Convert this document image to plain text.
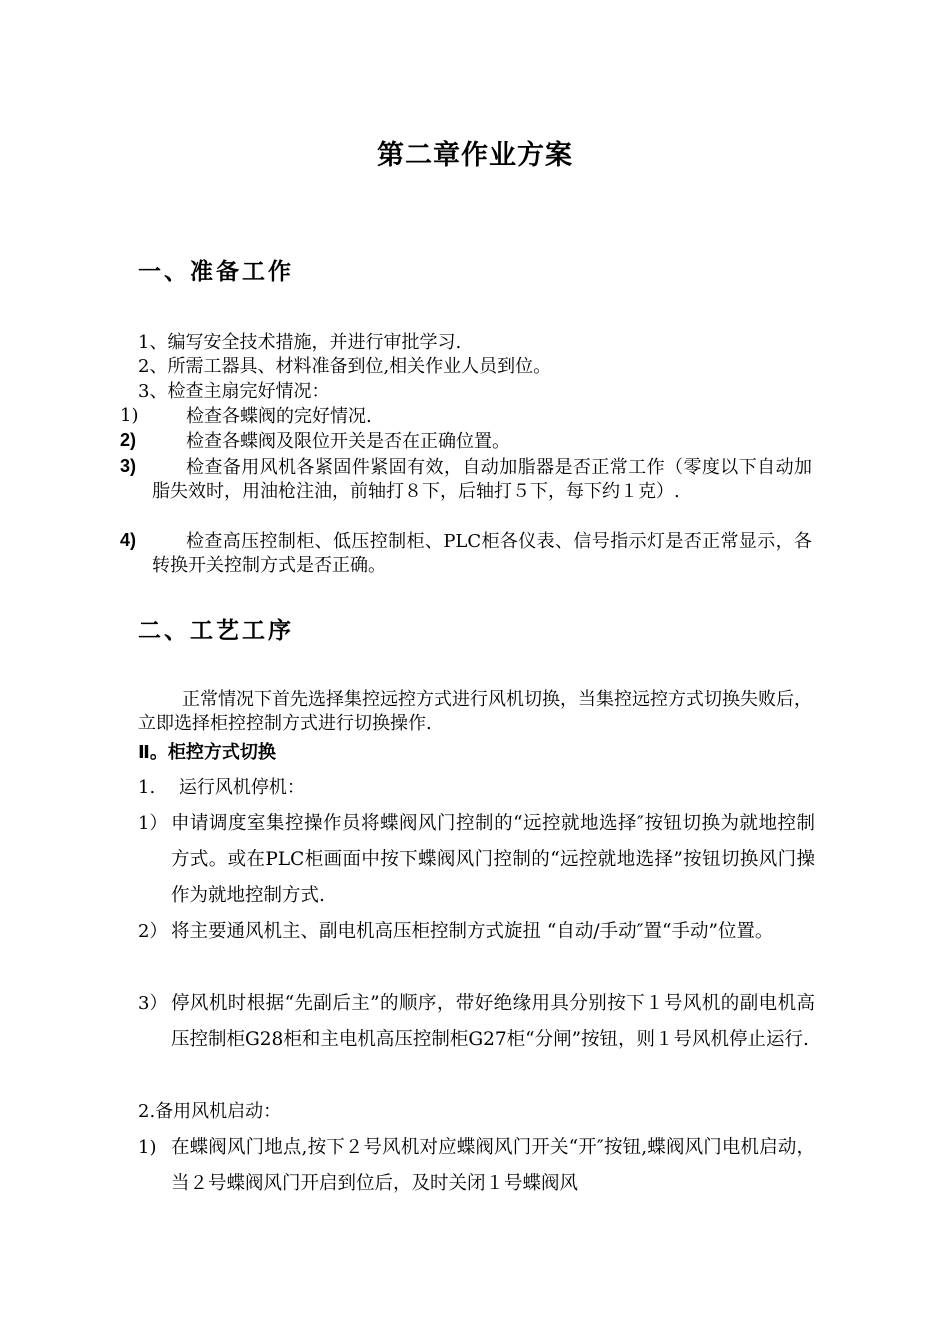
第二章作业方案
一、准备工作
1、编写安全技术措施，并进行审批学习.
2、所需工器具、材料准备到位,相关作业人员到位。
3、检查主扇完好情况：
1)	检查各蝶阀的完好情况.
2)	检查各蝶阀及限位开关是否在正确位置。
3)	检查备用风机各紧固件紧固有效，自动加脂器是否正常工作（零度以下自动加脂失效时，用油枪注油，前轴打８下，后轴打５下，每下约１克）.
4)	检查高压控制柜、低压控制柜、PLC柜各仪表、信号指示灯是否正常显示，各转换开关控制方式是否正确。
二、工艺工序
正常情况下首先选择集控远控方式进行风机切换，当集控远控方式切换失败后，立即选择柜控控制方式进行切换操作.
Ⅱ。柜控方式切换
1.　 运行风机停机：
1） 申请调度室集控操作员将蝶阀风门控制的“远控就地选择″按钮切换为就地控制方式。或在PLC柜画面中按下蝶阀风门控制的“远控就地选择”按钮切换风门操作为就地控制方式.
2） 将主要通风机主、副电机高压柜控制方式旋扭 “自动/手动″置“手动”位置。
3） 停风机时根据“先副后主”的顺序，带好绝缘用具分别按下１号风机的副电机高压控制柜G28柜和主电机高压控制柜G27柜“分闸”按钮，则１号风机停止运行.
2.备用风机启动：
1) 在蝶阀风门地点,按下２号风机对应蝶阀风门开关“开″按钮,蝶阀风门电机启动，当２号蝶阀风门开启到位后，及时关闭１号蝶阀风
